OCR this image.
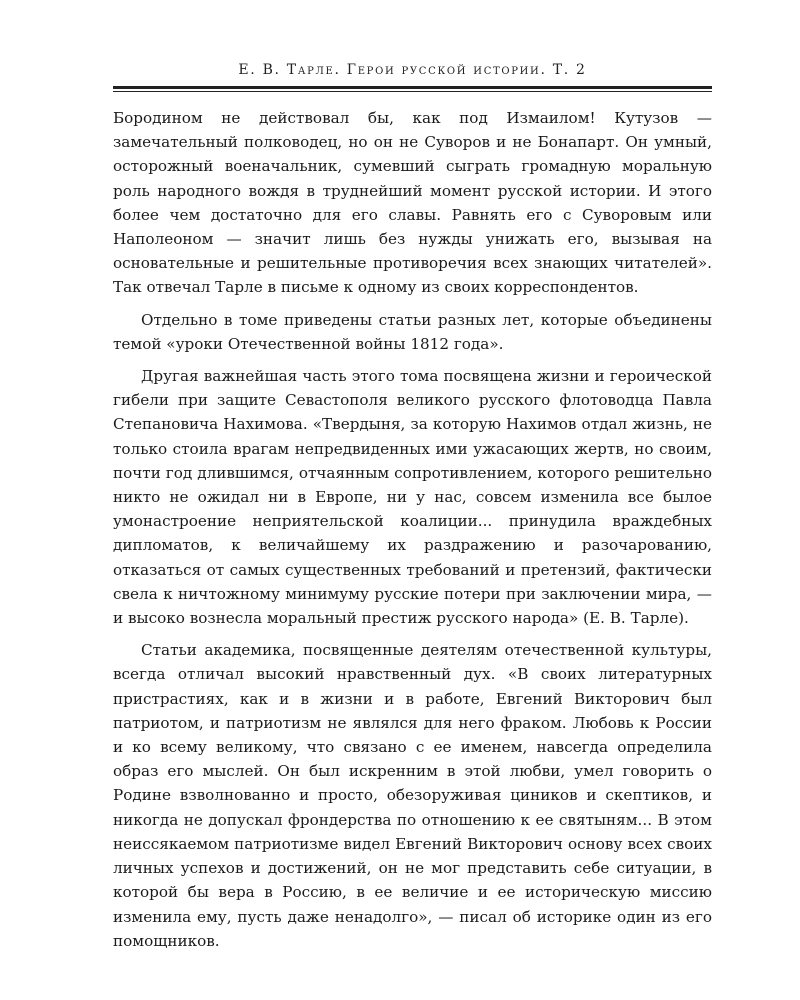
Е. В. Тарле. Герои русской истории. Т. 2

Бородином не действовал бы, как под Измаилом! Кутузов — замечательный полководец, но он не Суворов и не Бонапарт. Он умный, осторожный военачальник, сумевший сыграть громадную моральную роль народного вождя в труднейший момент русской истории. И этого более чем достаточно для его славы. Равнять его с Суворовым или Наполеоном — значит лишь без нужды унижать его, вызывая на основательные и решительные противоречия всех знающих читателей». Так отвечал Тарле в письме к одному из своих корреспондентов.

Отдельно в томе приведены статьи разных лет, которые объединены темой «уроки Отечественной войны 1812 года».

Другая важнейшая часть этого тома посвящена жизни и героической гибели при защите Севастополя великого русского флотоводца Павла Степановича Нахимова. «Твердыня, за которую Нахимов отдал жизнь, не только стоила врагам непредвиденных ими ужасающих жертв, но своим, почти год длившимся, отчаянным сопротивлением, которого решительно никто не ожидал ни в Европе, ни у нас, совсем изменила все былое умонастроение неприятельской коалиции... принудила враждебных дипломатов, к величайшему их раздражению и разочарованию, отказаться от самых существенных требований и претензий, фактически свела к ничтожному минимуму русские потери при заключении мира, — и высоко вознесла моральный престиж русского народа» (Е. В. Тарле).

Статьи академика, посвященные деятелям отечественной культуры, всегда отличал высокий нравственный дух. «В своих литературных пристрастиях, как и в жизни и в работе, Евгений Викторович был патриотом, и патриотизм не являлся для него фраком. Любовь к России и ко всему великому, что связано с ее именем, навсегда определила образ его мыслей. Он был искренним в этой любви, умел говорить о Родине взволнованно и просто, обезоруживая циников и скептиков, и никогда не допускал фрондерства по отношению к ее святыням... В этом неиссякаемом патриотизме видел Евгений Викторович основу всех своих личных успехов и достижений, он не мог представить себе ситуации, в которой бы вера в Россию, в ее величие и ее историческую миссию изменила ему, пусть даже ненадолго», — писал об историке один из его помощников.
